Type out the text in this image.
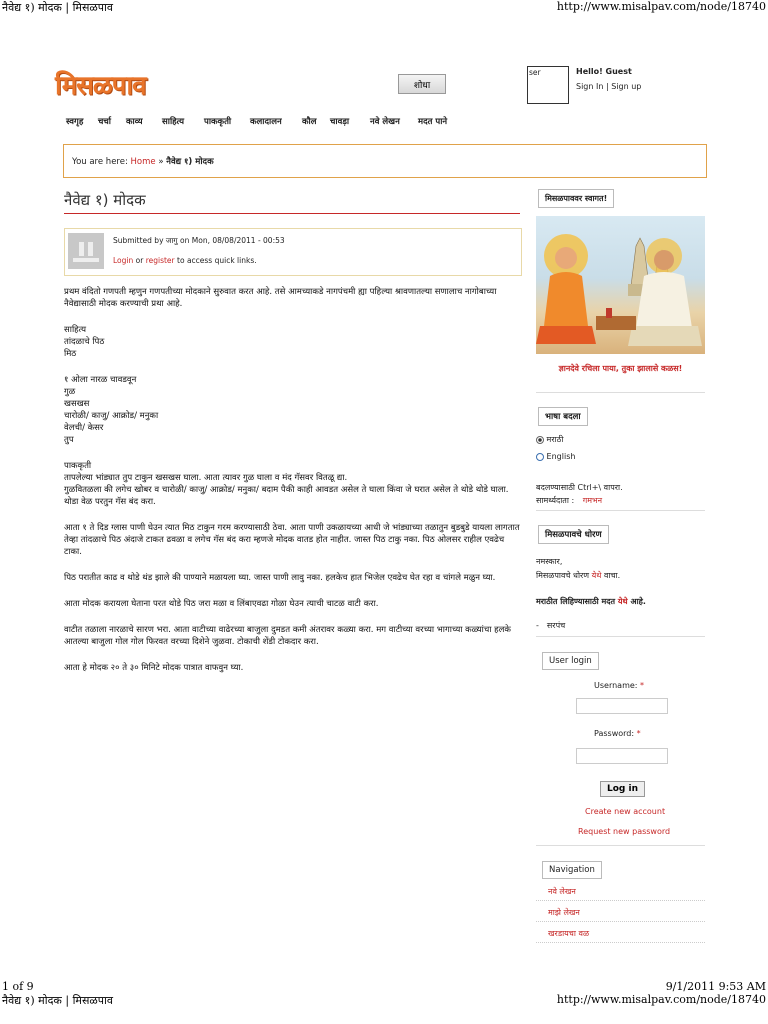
नैवेद्य १) मोदक | मिसळपाव	http://www.misalpav.com/node/18740
मिसळपाव	शोधा
ser	Hello! Guest
Sign In | Sign up
स्वगृह	चर्चा	काव्य	साहित्य	पाककृती	कलादालन	कौल	चावड़ा	नवे लेखन	मदत पाने
You are here: Home » नैवेद्य १) मोदक
नैवेद्य १) मोदक
Submitted by जागु on Mon, 08/08/2011 - 00:53
Login or register to access quick links.
प्रथम वंदितो गणपती म्हणुन गणपतीच्या मोदकाने सुरुवात करत आहे. तसे आमच्याकडे नागपंचमी ह्या पहिल्या श्रावणातल्या सणालाच नागोबाच्या नैवेद्यासाठी मोदक करण्याची प्रथा आहे.
साहित्य
तांदळाचे पिठ
मिठ
१ ओला नारळ चावडवून
गुळ
खसखस
चारोळी/ काजु/ आक्रोड/ मनुका
वेलची/ केसर
तुप
पाककृती
तापलेल्या भांड्यात तुप टाकुन खसखस घाला. आता त्यावर गुळ घाला व मंद गॅसवर वितळू द्या.
गुळवितळला की लगेच खोबर व चारोळी/ काजु/ आक्रोड/ मनुका/ बदाम पैकी काही आवडत असेल ते घाला किंवा जे घरात असेल ते थोडे थोडे घाला.
थोडा वेळ परतुन गॅस बंद करा.
आता १ ते दिड ग्लास पाणी घेउन त्यात मिठ टाकुन गरम करण्यासाठी ठेवा. आता पाणी उकळायच्या आधी जे भांड्याच्या तळातुन बुडबुडे यायला लागतात तेव्हा तांदळाचे पिठ अंदाजे टाकत ढवळा व लगेच गॅस बंद करा म्हणजे मोदक वातड होत नाहीत. जास्त पिठ टाकु नका. पिठ ओलसर राहील एवढेच टाका.
पिठ परातीत काढ व थोडे थंड झाले की पाण्याने मळायला घ्या. जास्त पाणी लावु नका. हलकेच हात भिजेल एवढेच घेत रहा व चांगले मळुन घ्या.
आता मोदक करायला घेताना परत थोडे पिठ जरा मळा व लिंबाएवढा गोळा घेउन त्याची चाटळ वाटी करा.
वाटीत तळाला नारळाचे सारण भरा. आता वाटीच्या वाढेरच्या बाजुला दुमडत कमी अंतरावर कळ्या करा. मग वाटीच्या वरच्या भागाच्या कळ्यांचा हलके आतल्या बाजुला गोल गोल फिरवत वरच्या दिशेने जुळवा. टोकाची शेंडी टोकदार करा.
आता हे मोदक २० ते ३० मिनिटे मोदक पात्रात वाफवुन घ्या.
मिसळपाववर स्वागत!
ज्ञानदेवे रचिला पाया, तुका झालासे कळस!
भाषा बदला
मराठी
English
बदलण्यासाठी Ctrl+\ वापरा.
सामर्थ्यदाता : गमभन
मिसळपावचे धोरण
नमस्कार,
मिसळपावचे धोरण येथे वाचा.
मराठीत लिहिण्यासाठी मदत येथे आहे.
- सरपंच
User login
Username: *
Password: *
Log in
Create new account
Request new password
Navigation
नवे लेखन
माझे लेखन
खरडायचा वळ
1 of 9	9/1/2011 9:53 AM
नैवेद्य १) मोदक | मिसळपाव	http://www.misalpav.com/node/18740
